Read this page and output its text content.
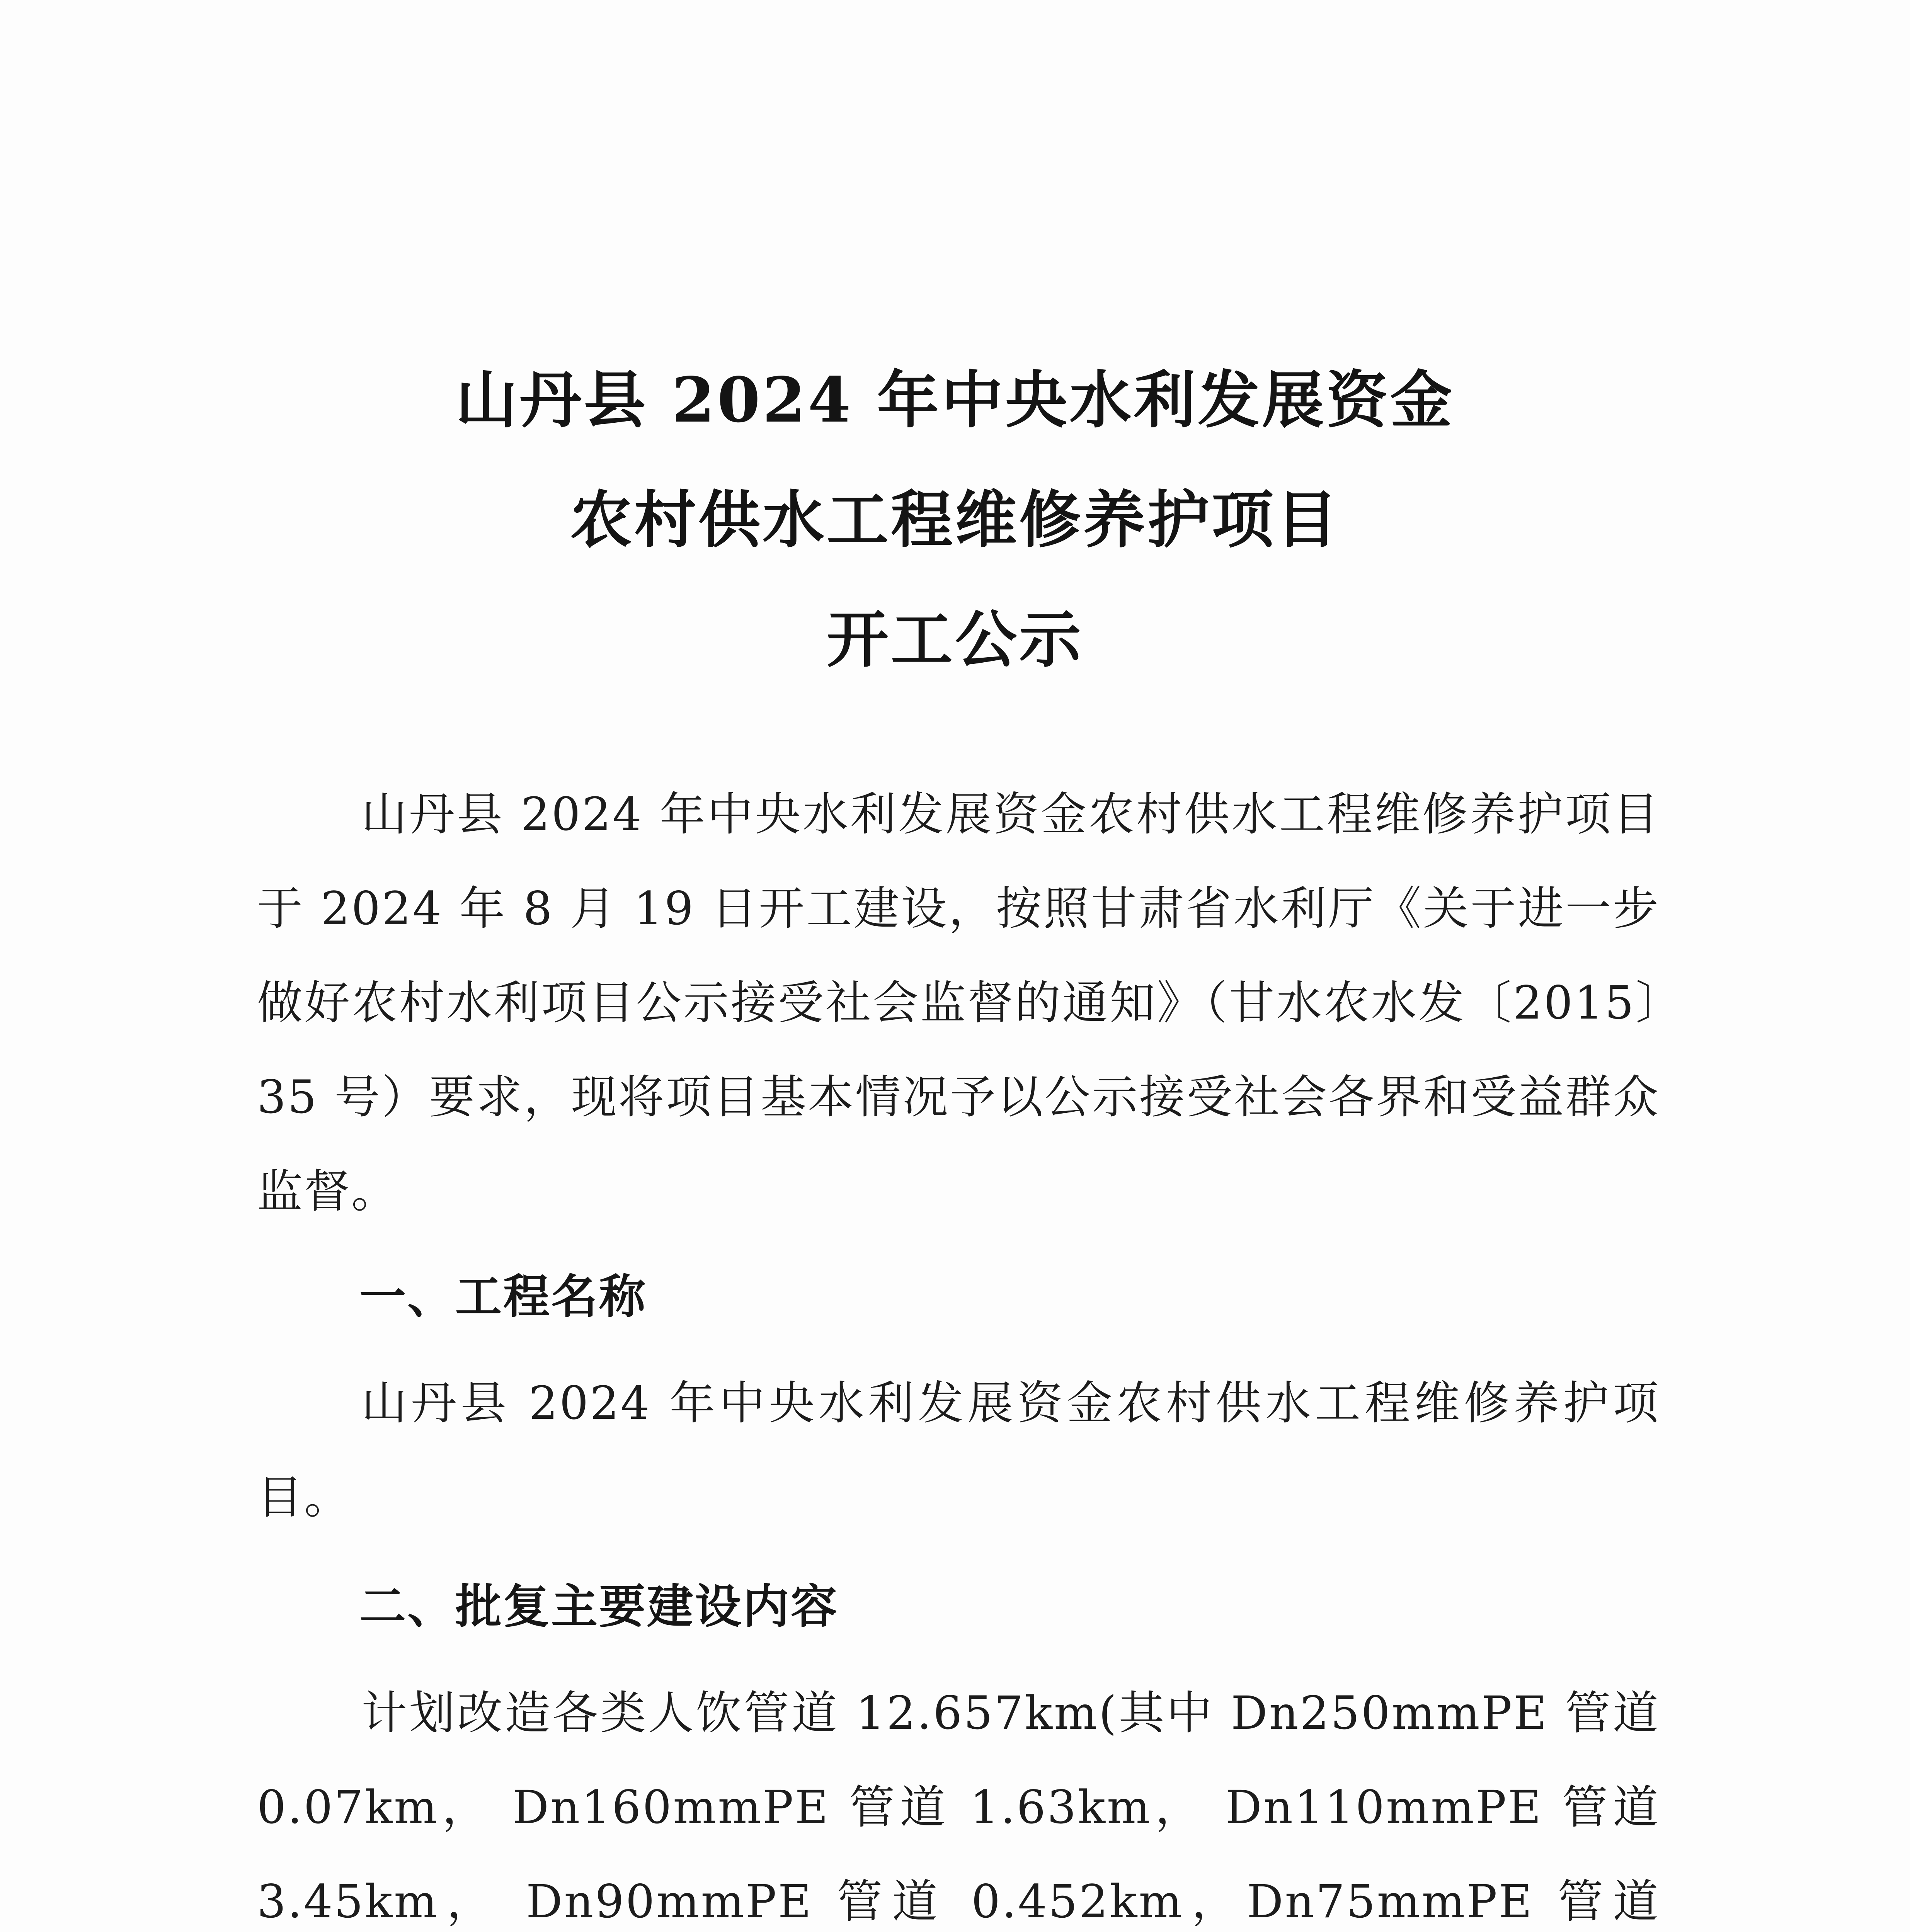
山丹县 2024 年中央水利发展资金
农村供水工程维修养护项目
开工公示

山丹县 2024 年中央水利发展资金农村供水工程维修养护项目于 2024 年 8 月 19 日开工建设，按照甘肃省水利厅《关于进一步做好农村水利项目公示接受社会监督的通知》（甘水农水发〔2015〕35 号）要求，现将项目基本情况予以公示接受社会各界和受益群众监督。

一、工程名称

山丹县 2024 年中央水利发展资金农村供水工程维修养护项目。

二、批复主要建设内容

计划改造各类人饮管道 12.657km(其中 Dn250mmPE 管道 0.07km， Dn160mmPE 管道 1.63km， Dn110mmPE 管道 3.45km， Dn90mmPE 管道 0.452km，Dn75mmPE 管道
